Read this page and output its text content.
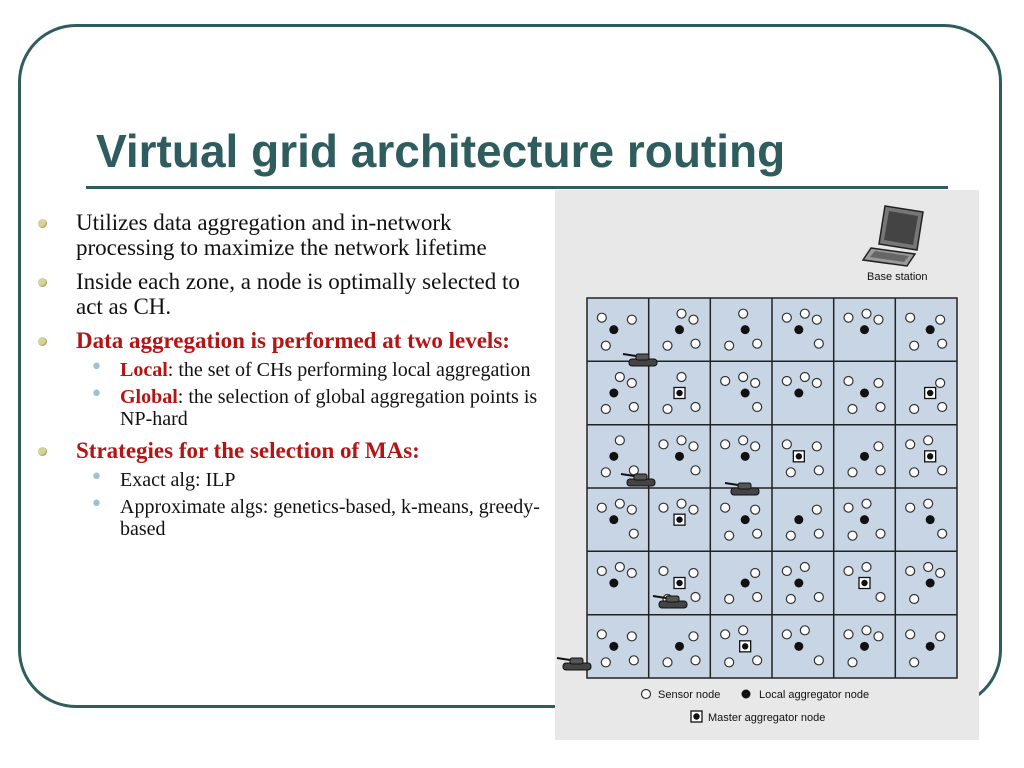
Virtual grid architecture routing
Utilizes data aggregation and in-network processing to maximize the network lifetime
Inside each zone, a node is optimally selected to act as CH.
Data aggregation is performed at two levels:
• Local: the set of CHs performing local aggregation
• Global: the selection of global aggregation points is NP-hard
Strategies for the selection of MAs:
• Exact alg: ILP
• Approximate algs: genetics-based, k-means, greedy-based
Base station
Sensor node	Local aggregator node
Master aggregator node
